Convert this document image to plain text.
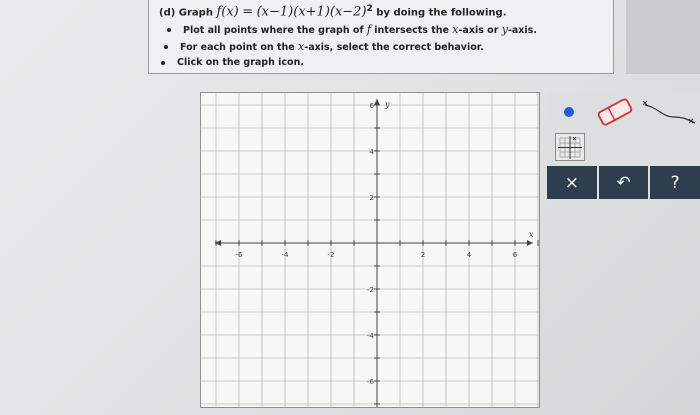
(d) Graph $f(x) = (x-1)(x+1)(x-2)^2$ by doing the following.
Plot all points where the graph of f intersects the x-axis or y-axis.
For each point on the x-axis, select the correct behavior.
Click on the graph icon.
-6	-4	-2	2	4	6
6
4
2
-2
-4
-6
x
y
×	↶	?
